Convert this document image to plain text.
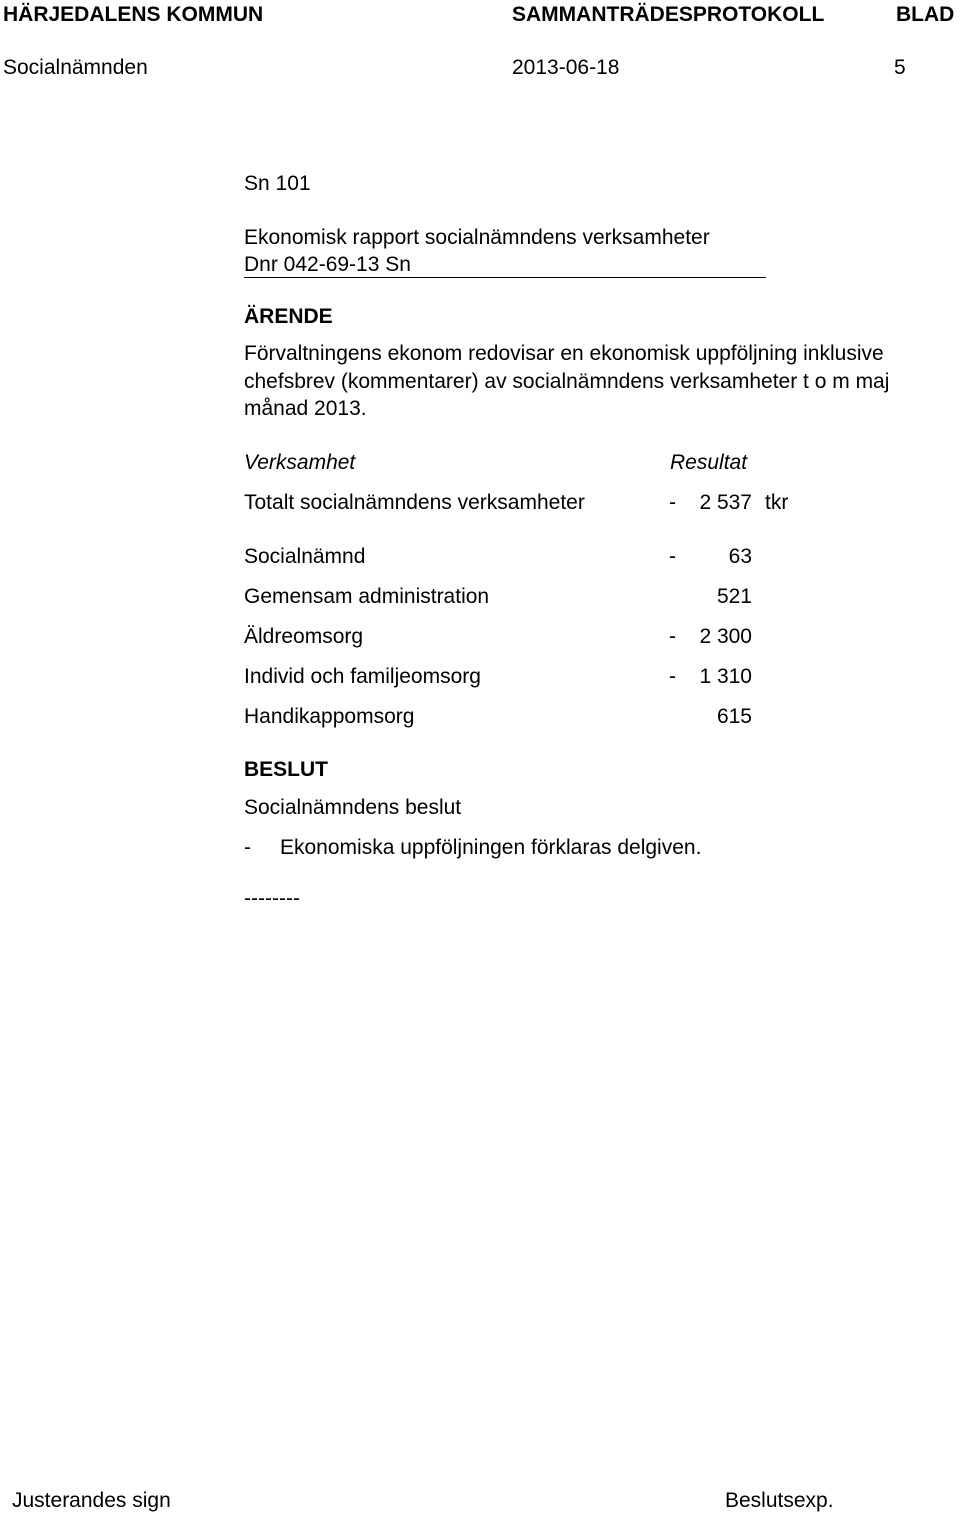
HÄRJEDALENS KOMMUN	SAMMANTRÄDESPROTOKOLL	BLAD
Socialnämnden	2013-06-18	5
Sn 101
Ekonomisk rapport socialnämndens verksamheter
Dnr 042-69-13 Sn
ÄRENDE
Förvaltningens ekonom redovisar en ekonomisk uppföljning inklusive
chefsbrev (kommentarer) av socialnämndens verksamheter t o m maj
månad 2013.
Verksamhet	Resultat
Totalt socialnämndens verksamheter	-	2 537 tkr
Socialnämnd	-	63
Gemensam administration	521
Äldreomsorg	-	2 300
Individ och familjeomsorg	-	1 310
Handikappomsorg	615
BESLUT
Socialnämndens beslut
- Ekonomiska uppföljningen förklaras delgiven.
--------
Justerandes sign	Beslutsexp.
